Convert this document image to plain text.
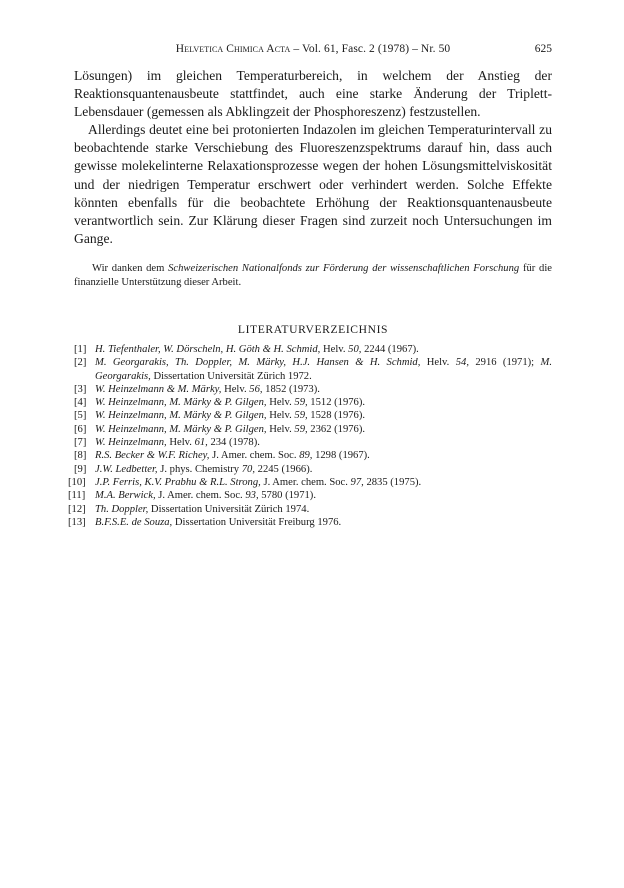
Helvetica Chimica Acta – Vol. 61, Fasc. 2 (1978) – Nr. 50	625

Lösungen) im gleichen Temperaturbereich, in welchem der Anstieg der Reaktionsquantenausbeute stattfindet, auch eine starke Änderung der Triplett-Lebensdauer (gemessen als Abklingzeit der Phosphoreszenz) festzustellen.

Allerdings deutet eine bei protonierten Indazolen im gleichen Temperaturintervall zu beobachtende starke Verschiebung des Fluoreszenzspektrums darauf hin, dass auch gewisse molekelinterne Relaxationsprozesse wegen der hohen Lösungsmittelviskosität und der niedrigen Temperatur erschwert oder verhindert werden. Solche Effekte könnten ebenfalls für die beobachtete Erhöhung der Reaktionsquantenausbeute verantwortlich sein. Zur Klärung dieser Fragen sind zurzeit noch Untersuchungen im Gange.

Wir danken dem Schweizerischen Nationalfonds zur Förderung der wissenschaftlichen Forschung für die finanzielle Unterstützung dieser Arbeit.
LITERATURVERZEICHNIS
[1] H. Tiefenthaler, W. Dörscheln, H. Göth & H. Schmid, Helv. 50, 2244 (1967).
[2] M. Georgarakis, Th. Doppler, M. Märky, H.J. Hansen & H. Schmid, Helv. 54, 2916 (1971); M. Georgarakis, Dissertation Universität Zürich 1972.
[3] W. Heinzelmann & M. Märky, Helv. 56, 1852 (1973).
[4] W. Heinzelmann, M. Märky & P. Gilgen, Helv. 59, 1512 (1976).
[5] W. Heinzelmann, M. Märky & P. Gilgen, Helv. 59, 1528 (1976).
[6] W. Heinzelmann, M. Märky & P. Gilgen, Helv. 59, 2362 (1976).
[7] W. Heinzelmann, Helv. 61, 234 (1978).
[8] R.S. Becker & W.F. Richey, J. Amer. chem. Soc. 89, 1298 (1967).
[9] J.W. Ledbetter, J. phys. Chemistry 70, 2245 (1966).
[10] J.P. Ferris, K.V. Prabhu & R.L. Strong, J. Amer. chem. Soc. 97, 2835 (1975).
[11] M.A. Berwick, J. Amer. chem. Soc. 93, 5780 (1971).
[12] Th. Doppler, Dissertation Universität Zürich 1974.
[13] B.F.S.E. de Souza, Dissertation Universität Freiburg 1976.
